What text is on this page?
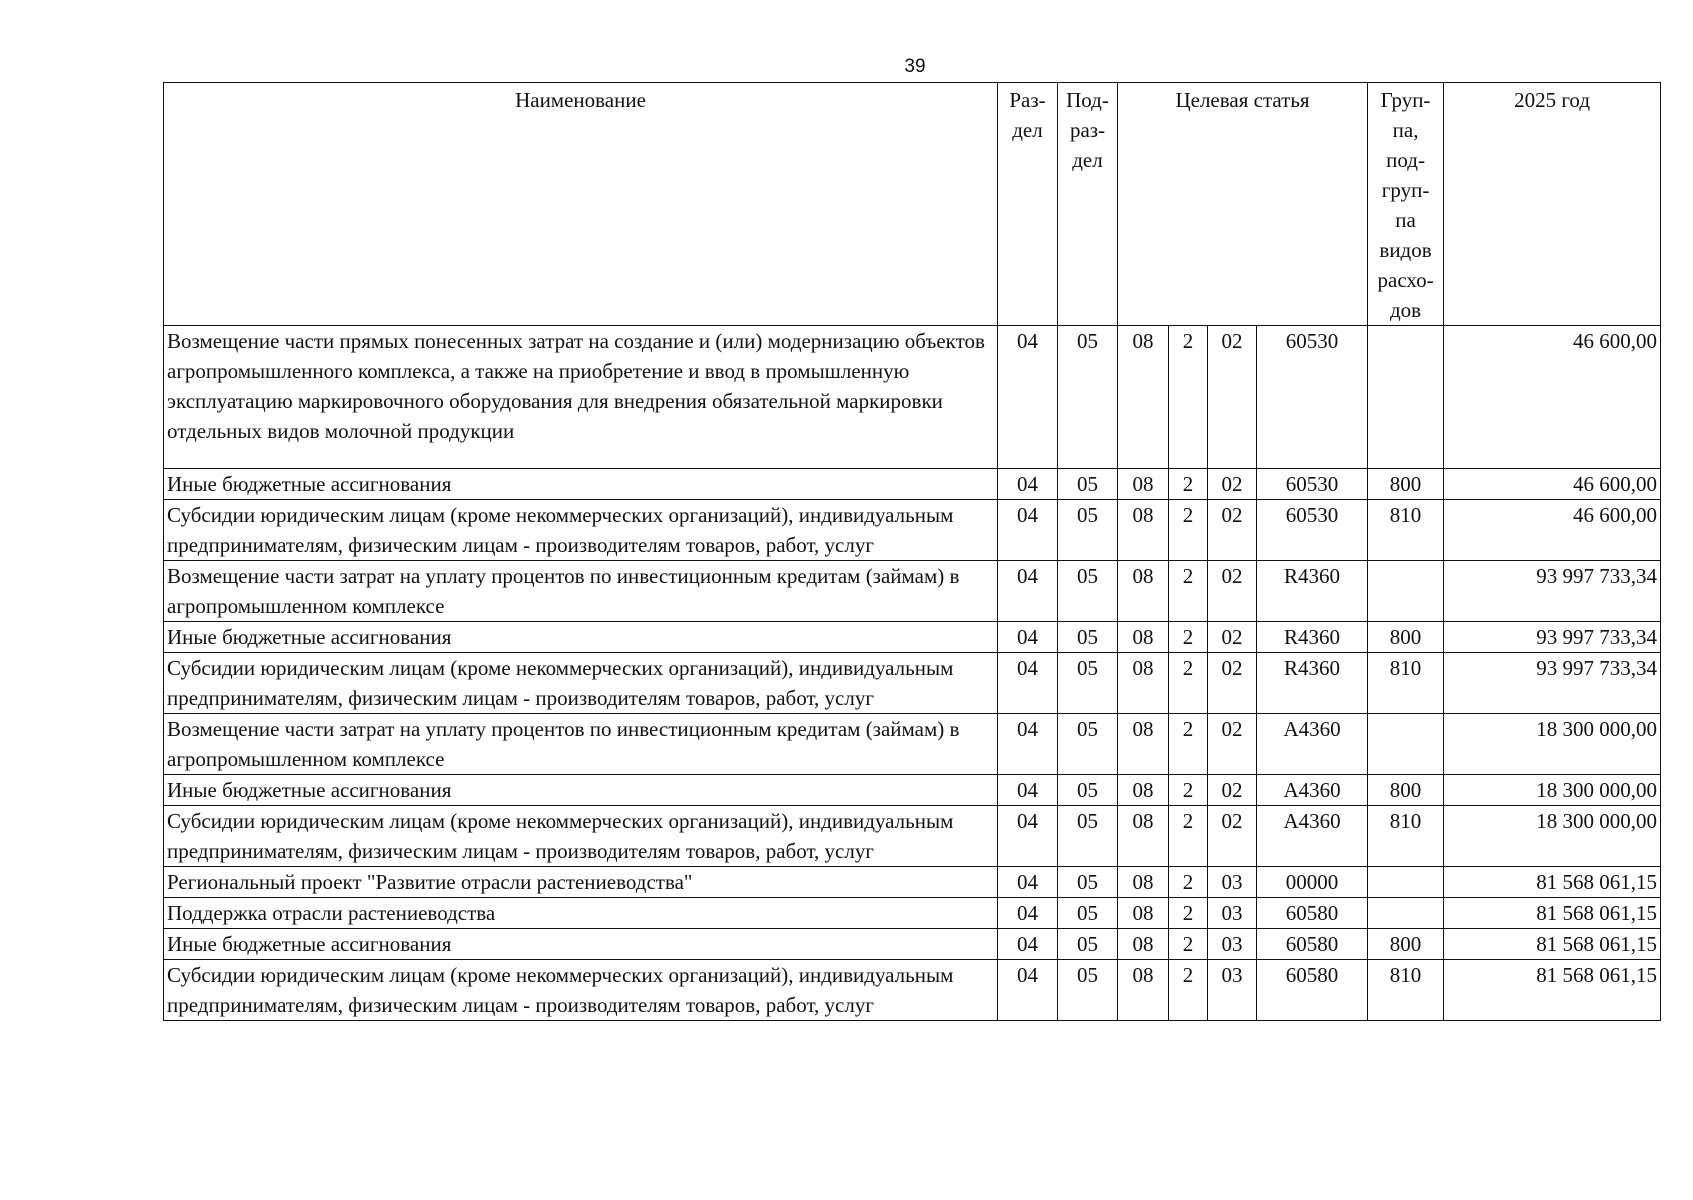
39
Наименование	Раз- дел	Под- раз- дел	Целевая статья				Груп- па, под- груп- па видов расхо- дов	2025 год
Возмещение части прямых понесенных затрат на создание и (или) модернизацию объектов агропромышленного комплекса, а также на приобретение и ввод в промышленную эксплуатацию маркировочного оборудования для внедрения обязательной маркировки отдельных видов молочной продукции	04	05	08	2	02	60530		46 600,00
Иные бюджетные ассигнования	04	05	08	2	02	60530	800	46 600,00
Субсидии юридическим лицам (кроме некоммерческих организаций), индивидуальным предпринимателям, физическим лицам - производителям товаров, работ, услуг	04	05	08	2	02	60530	810	46 600,00
Возмещение части затрат на уплату процентов по инвестиционным кредитам (займам) в агропромышленном комплексе	04	05	08	2	02	R4360		93 997 733,34
Иные бюджетные ассигнования	04	05	08	2	02	R4360	800	93 997 733,34
Субсидии юридическим лицам (кроме некоммерческих организаций), индивидуальным предпринимателям, физическим лицам - производителям товаров, работ, услуг	04	05	08	2	02	R4360	810	93 997 733,34
Возмещение части затрат на уплату процентов по инвестиционным кредитам (займам) в агропромышленном комплексе	04	05	08	2	02	A4360		18 300 000,00
Иные бюджетные ассигнования	04	05	08	2	02	A4360	800	18 300 000,00
Субсидии юридическим лицам (кроме некоммерческих организаций), индивидуальным предпринимателям, физическим лицам - производителям товаров, работ, услуг	04	05	08	2	02	A4360	810	18 300 000,00
Региональный проект "Развитие отрасли растениеводства"	04	05	08	2	03	00000		81 568 061,15
Поддержка отрасли растениеводства	04	05	08	2	03	60580		81 568 061,15
Иные бюджетные ассигнования	04	05	08	2	03	60580	800	81 568 061,15
Субсидии юридическим лицам (кроме некоммерческих организаций), индивидуальным предпринимателям, физическим лицам - производителям товаров, работ, услуг	04	05	08	2	03	60580	810	81 568 061,15
